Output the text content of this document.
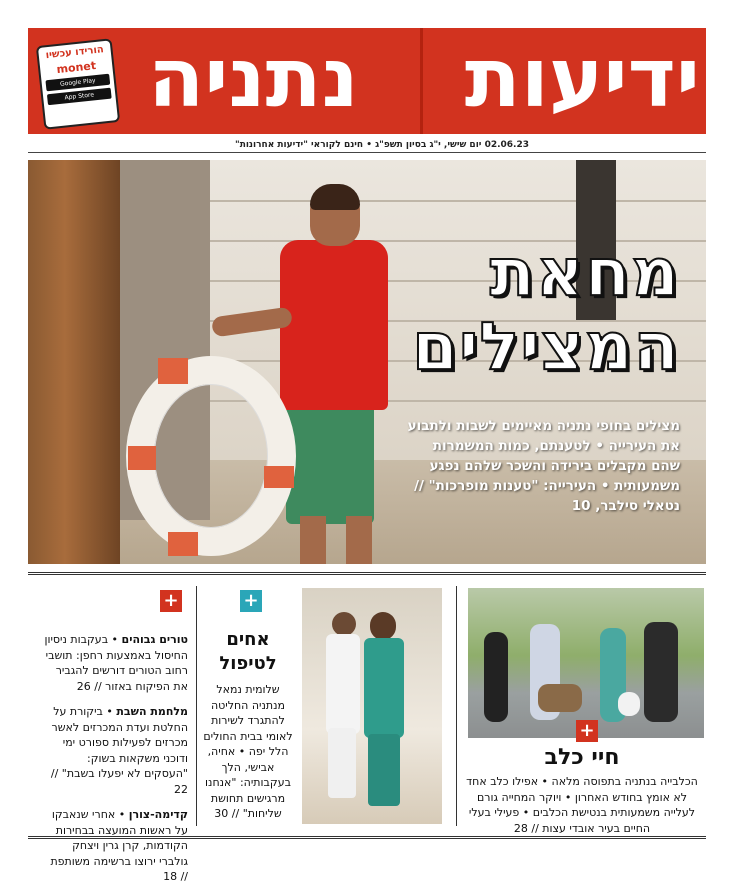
ידיעות
נתניה
הורידו עכשיו
monet
Google Play
App Store
02.06.23 יום שישי, י"ג בסיון תשפ"ג • חינם לקוראי "ידיעות אחרונות"
מחאת
המצילים
מצילים בחופי נתניה מאיימים לשבות ולתבוע את העירייה • לטענתם, כמות המשמרות שהם מקבלים בירידה והשכר שלהם נפגע משמעותית • העירייה: "טענות מופרכות" // נטאלי סילבר, 10
+

טורים גבוהים • בעקבות ניסיון החיסול באמצעות רחפן: תושבי רחוב הטורים דורשים להגביר את הפיקוח באזור // 26

מלחמת השבת • ביקורת על החלטת ועדת המכרזים לאשר מכרזים לפעילות ספורט ימי ודוכני משקאות בשוק: "העסקים לא יפעלו בשבת" // 22

קדימה-צורן • אחרי שנאבקו על ראשות המועצה בבחירות הקודמות, קרן גרין ויצחק גולברי ירוצו ברשימה משותפת // 18

+
אחים לטיפול
שלומית נמאל מנתניה החליטה להתגרד לשירות לאומי בבית החולים הלל יפה • אחיה, אבישי, הלך בעקבותיה: "אנחנו מרגישים תחושת שליחות" // 30
+
חיי כלב
הכלבייה בנתניה בתפוסה מלאה • אפילו כלב אחד לא אומץ בחודש האחרון • ויוקר המחייה גורם לעלייה משמעותית בנטישת הכלבים • פעילי בעלי החיים בעיר אובדי עצות // 28
